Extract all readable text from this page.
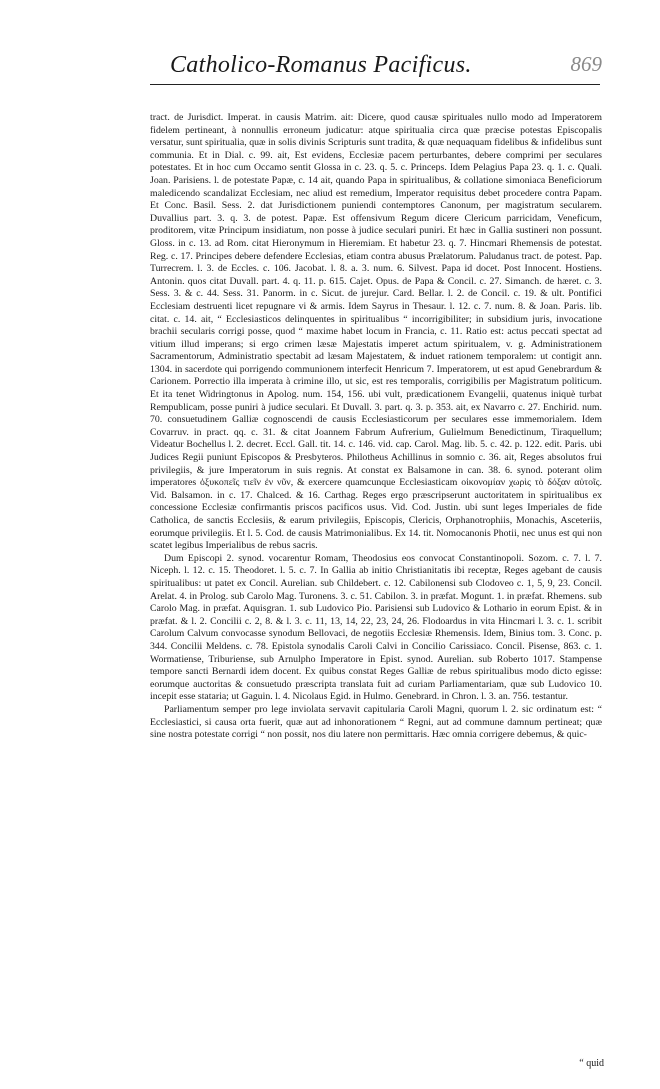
Catholico-Romanus Pacificus.	869

tract. de Jurisdict. Imperat. in causis Matrim. ait: Dicere, quod causæ spirituales nullo modo ad Imperatorem fidelem pertineant, à nonnullis erroneum judicatur: atque spiritualia circa quæ præcise potestas Episcopalis versatur, sunt spiritualia, quæ in solis divinis Scripturis sunt tradita, & quæ nequaquam fidelibus & infidelibus sunt communia. Et in Dial. c. 99. ait, Est evidens, Ecclesiæ pacem perturbantes, debere comprimi per seculares potestates. Et in hoc cum Occamo sentit Glossa in c. 23. q. 5. c. Princeps. Idem Pelagius Papa 23. q. 1. c. Quali. Joan. Parisiens. l. de potestate Papæ, c. 14 ait, quando Papa in spiritualibus, & collatione simoniaca Beneficiorum maledicendo scandalizat Ecclesiam, nec aliud est remedium, Imperator requisitus debet procedere contra Papam. Et Conc. Basil. Sess. 2. dat Jurisdictionem puniendi contemptores Canonum, per magistratum secularem. Duvallius part. 3. q. 3. de potest. Papæ. Est offensivum Regum dicere Clericum parricidam, Veneficum, proditorem, vitæ Principum insidiatum, non posse à judice seculari puniri. Et hæc in Gallia sustineri non possunt. Gloss. in c. 13. ad Rom. citat Hieronymum in Hieremiam. Et habetur 23. q. 7. Hincmari Rhemensis de potestat. Reg. c. 17. Principes debere defendere Ecclesias, etiam contra abusus Prælatorum. Paludanus tract. de potest. Pap. Turrecrem. l. 3. de Eccles. c. 106. Jacobat. l. 8. a. 3. num. 6. Silvest. Papa id docet. Post Innocent. Hostiens. Antonin. quos citat Duvall. part. 4. q. 11. p. 615. Cajet. Opus. de Papa & Concil. c. 27. Simanch. de hæret. c. 3. Sess. 3. & c. 44. Sess. 31. Panorm. in c. Sicut. de jurejur. Card. Bellar. l. 2. de Concil. c. 19. & ult. Pontifici Ecclesiam destruenti licet repugnare vi & armis. Idem Sayrus in Thesaur. l. 12. c. 7. num. 8. & Joan. Paris. lib. citat. c. 14. ait, “ Ecclesiasticos delinquentes in spiritualibus “ incorrigibiliter; in subsidium juris, invocatione brachii secularis corrigi posse, quod “ maxime habet locum in Francia, c. 11. Ratio est: actus peccati spectat ad vitium illud imperans; si ergo crimen læsæ Majestatis imperet actum spiritualem, v. g. Administrationem Sacramentorum, Administratio spectabit ad læsam Majestatem, & induet rationem temporalem: ut contigit ann. 1304. in sacerdote qui porrigendo communionem interfecit Henricum 7. Imperatorem, ut est apud Genebrardum & Carionem. Porrectio illa imperata à crimine illo, ut sic, est res temporalis, corrigibilis per Magistratum politicum. Et ita tenet Widringtonus in Apolog. num. 154, 156. ubi vult, prædicationem Evangelii, quatenus iniquè turbat Rempublicam, posse puniri à judice seculari. Et Duvall. 3. part. q. 3. p. 353. ait, ex Navarro c. 27. Enchirid. num. 70. consuetudinem Galliæ cognoscendi de causis Ecclesiasticorum per seculares esse immemorialem. Idem Covarruv. in pract. qq. c. 31. & citat Joannem Fabrum Aufrerium, Gulielmum Benedictinum, Tiraquellum; Videatur Bochellus l. 2. decret. Eccl. Gall. tit. 14. c. 146. vid. cap. Carol. Mag. lib. 5. c. 42. p. 122. edit. Paris. ubi Judices Regii puniunt Episcopos & Presbyteros. Philotheus Achillinus in somnio c. 36. ait, Reges absolutos frui privilegiis, & jure Imperatorum in suis regnis. At constat ex Balsamone in can. 38. 6. synod. poterant olim imperatores ὀξυκοπεῖς τιεῖν ἐν νῦν, & exercere quamcunque Ecclesiasticam οἰκονομίαν χωρὶς τὸ δόξαν αὐτοῖς. Vid. Balsamon. in c. 17. Chalced. & 16. Carthag. Reges ergo præscripserunt auctoritatem in spiritualibus ex concessione Ecclesiæ confirmantis priscos pacificos usus. Vid. Cod. Justin. ubi sunt leges Imperiales de fide Catholica, de sanctis Ecclesiis, & earum privilegiis, Episcopis, Clericis, Orphanotrophiis, Monachis, Asceteriis, eorumque privilegiis. Et l. 5. Cod. de causis Matrimonialibus. Ex 14. tit. Nomocanonis Photii, nec unus est qui non scatet legibus Imperialibus de rebus sacris.

Dum Episcopi 2. synod. vocarentur Romam, Theodosius eos convocat Constantinopoli. Sozom. c. 7. l. 7. Niceph. l. 12. c. 15. Theodoret. l. 5. c. 7. In Gallia ab initio Christianitatis ibi receptæ, Reges agebant de causis spiritualibus: ut patet ex Concil. Aurelian. sub Childebert. c. 12. Cabilonensi sub Clodoveo c. 1, 5, 9, 23. Concil. Arelat. 4. in Prolog. sub Carolo Mag. Turonens. 3. c. 51. Cabilon. 3. in præfat. Mogunt. 1. in præfat. Rhemens. sub Carolo Mag. in præfat. Aquisgran. 1. sub Ludovico Pio. Parisiensi sub Ludovico & Lothario in eorum Epist. & in præfat. & l. 2. Concilii c. 2, 8. & l. 3. c. 11, 13, 14, 22, 23, 24, 26. Flodoardus in vita Hincmari l. 3. c. 1. scribit Carolum Calvum convocasse synodum Bellovaci, de negotiis Ecclesiæ Rhemensis. Idem, Binius tom. 3. Conc. p. 344. Concilii Meldens. c. 78. Epistola synodalis Caroli Calvi in Concilio Carissiaco. Concil. Pisense, 863. c. 1. Wormatiense, Triburiense, sub Arnulpho Imperatore in Epist. synod. Aurelian. sub Roberto 1017. Stampense tempore sancti Bernardi idem docent. Ex quibus constat Reges Galliæ de rebus spiritualibus modo dicto egisse: eorumque auctoritas & consuetudo præscripta translata fuit ad curiam Parliamentariam, quæ sub Ludovico 10. incepit esse stataria; ut Gaguin. l. 4. Nicolaus Egid. in Hulmo. Genebrard. in Chron. l. 3. an. 756. testantur.

Parliamentum semper pro lege inviolata servavit capitularia Caroli Magni, quorum l. 2. sic ordinatum est: “ Ecclesiastici, si causa orta fuerit, quæ aut ad inhonorationem “ Regni, aut ad commune damnum pertineat; quæ sine nostra potestate corrigi “ non possit, nos diu latere non permittaris. Hæc omnia corrigere debemus, & quic-

“ quid
